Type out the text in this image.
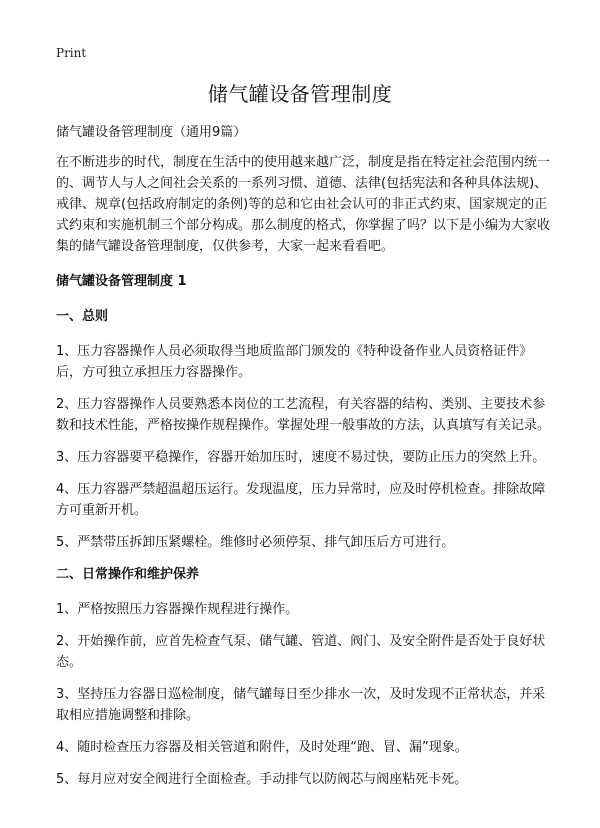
Print
储气罐设备管理制度

储气罐设备管理制度（通用9篇）

在不断进步的时代，制度在生活中的使用越来越广泛，制度是指在特定社会范围内统一的、调节人与人之间社会关系的一系列习惯、道德、法律(包括宪法和各种具体法规)、戒律、规章(包括政府制定的条例)等的总和它由社会认可的非正式约束、国家规定的正式约束和实施机制三个部分构成。那么制度的格式，你掌握了吗？以下是小编为大家收集的储气罐设备管理制度，仅供参考，大家一起来看看吧。

储气罐设备管理制度 1

一、总则

1、压力容器操作人员必须取得当地质监部门颁发的《特种设备作业人员资格证件》后，方可独立承担压力容器操作。

2、压力容器操作人员要熟悉本岗位的工艺流程，有关容器的结构、类别、主要技术参数和技术性能，严格按操作规程操作。掌握处理一般事故的方法，认真填写有关记录。

3、压力容器要平稳操作，容器开始加压时，速度不易过快，要防止压力的突然上升。

4、压力容器严禁超温超压运行。发现温度，压力异常时，应及时停机检查。排除故障方可重新开机。

5、严禁带压拆卸压紧螺栓。维修时必须停泵、排气卸压后方可进行。

二、日常操作和维护保养

1、严格按照压力容器操作规程进行操作。

2、开始操作前，应首先检查气泵、储气罐、管道、阀门、及安全附件是否处于良好状态。

3、坚持压力容器日巡检制度，储气罐每日至少排水一次，及时发现不正常状态，并采取相应措施调整和排除。

4、随时检查压力容器及相关管道和附件，及时处理“跑、冒、漏”现象。

5、每月应对安全阀进行全面检查。手动排气以防阀芯与阀座粘死卡死。
